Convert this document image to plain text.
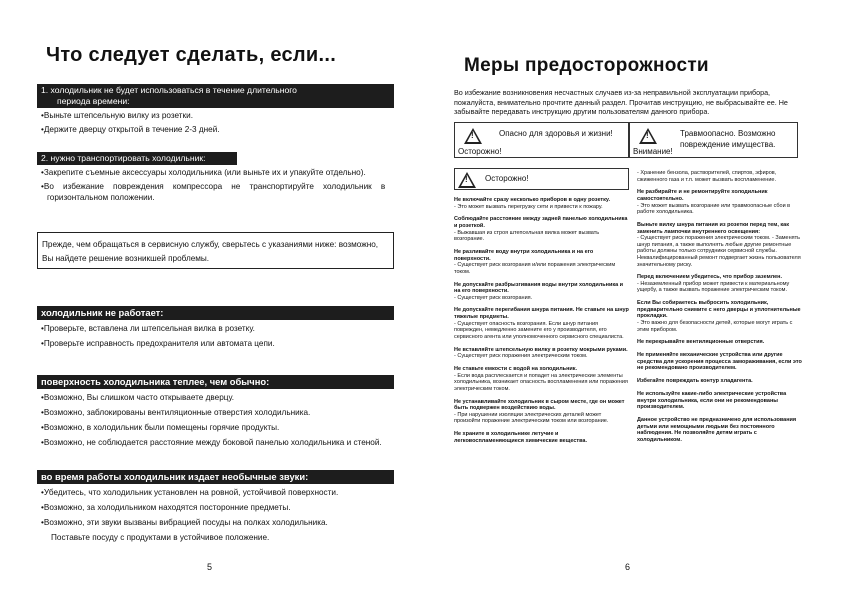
Что следует сделать, если...
1. холодильник не будет использоваться в течение длительного
периода времени:

•Выньте штепсельную вилку из розетки.

•Держите дверцу открытой в течение 2-3 дней.

2. нужно транспортировать холодильник:

•Закрепите съемные аксессуары холодильника (или выньте их и упакуйте отдельно).

•Во    избежание    повреждения    компрессора    не    транспортируйте    холодильник    в

горизонтальном положении.

Прежде, чем обращаться в сервисную службу, сверьтесь с указаниями ниже: возможно,
Вы найдете решение возникшей проблемы.
холодильник не работает:

•Проверьте, вставлена ли штепсельная вилка в розетку.

•Проверьте исправность предохранителя или автомата цепи.

поверхность холодильника теплее, чем обычно:

•Возможно, Вы слишком часто открываете дверцу.

•Возможно, заблокированы вентиляционные отверстия холодильника.

•Возможно, в холодильник были помещены горячие продукты.

•Возможно, не соблюдается расстояние между боковой панелью холодильника и стеной.

во время работы холодильник издает необычные звуки:

•Убедитесь, что холодильник установлен на ровной, устойчивой поверхности.

•Возможно, за холодильником находятся посторонние предметы.

•Возможно, эти звуки вызваны вибрацией посуды на полках холодильника.

Поставьте посуду с продуктами в устойчивое положение.

5
Меры предосторожности
Во избежание возникновения несчастных случаев из-за неправильной эксплуатации прибора,
пожалуйста, внимательно прочтите данный раздел. Прочитав инструкцию, не выбрасывайте ее. Не
забывайте передавать инструкцию другим пользователям данного прибора.
!	Опасно для здоровья и жизни!
Осторожно!
!	Травмоопасно. Возможно
повреждение имущества.
Внимание!
! Осторожно!
Не включайте сразу несколько приборов в одну розетку.
- Это может вызвать перегрузку сети и привести к пожару.
Соблюдайте расстояние между задней панелью холодильника и розеткой.
- Выжавшая из строя штепсельная вилка может вызвать возгорание.
Не разливайте воду внутри холодильника и на его поверхности.
- Существует риск возгорания и/или поражения электрическим током.
Не допускайте разбрызгивания воды внутри холодильника и на его поверхности.
- Существует риск возгорания.
Не допускайте перегибания шнура питания. Не ставьте на шнур тяжелые предметы.
- Существует опасность возгорания. Если шнур питания поврежден, немедленно замените его у производителя, его сервисного агента или уполномоченного сервисного специалиста.
Не вставляйте штепсельную вилку в розетку мокрыми руками.
- Существует риск поражения электрическим током.
Не ставьте емкости с водой на холодильник.
- Если вода расплескается и попадет на электрические элементы холодильника, возникает опасность воспламенения или поражения электрическим током.
Не устанавливайте холодильник в сыром месте, где он может быть подвержен воздействию воды.
- При нарушении изоляции электрических деталей может произойти поражение электрическим током или возгорание.
Не храните в холодильнике летучие и легковоспламеняющиеся химические вещества.
- Хранение бензола, растворителей, спиртов, эфиров, сжиженного газа и т.п. может вызвать воспламенение.
Не разбирайте и не ремонтируйте холодильник самостоятельно.
- Это может вызвать возгорание или травмоопасные сбои в работе холодильника.
Выньте вилку шнура питания из розетки перед тем, как заменить лампочки внутреннего освещения:
- Существует риск поражения электрическим током. - Заменять шнур питания, а также выполнять любые другие ремонтные работы должны только сотрудники сервисной службы. Неквалифицированный ремонт подвергает жизнь пользователя значительному риску.
Перед включением убедитесь, что прибор заземлен.
- Незаземленный прибор может привести к материальному ущербу, а также вызвать поражение электрическим током.
Если Вы собираетесь выбросить холодильник, предварительно снимите с него дверцы и уплотнительные прокладки.
- Это важно для безопасности детей, которые могут играть с этим прибором.
Не перекрывайте вентиляционные отверстия.
Не применяйте механические устройства или другие средства для ускорения процесса замораживания, если это не рекомендовано производителем.
Избегайте повреждать контур хладагента.
Не используйте какие-либо электрические устройства внутри холодильника, если они не рекомендованы производителем.
Данное устройство не предназначено для использования детьми или немощными людьми без постоянного наблюдения. Не позволяйте детям играть с холодильником.
6
